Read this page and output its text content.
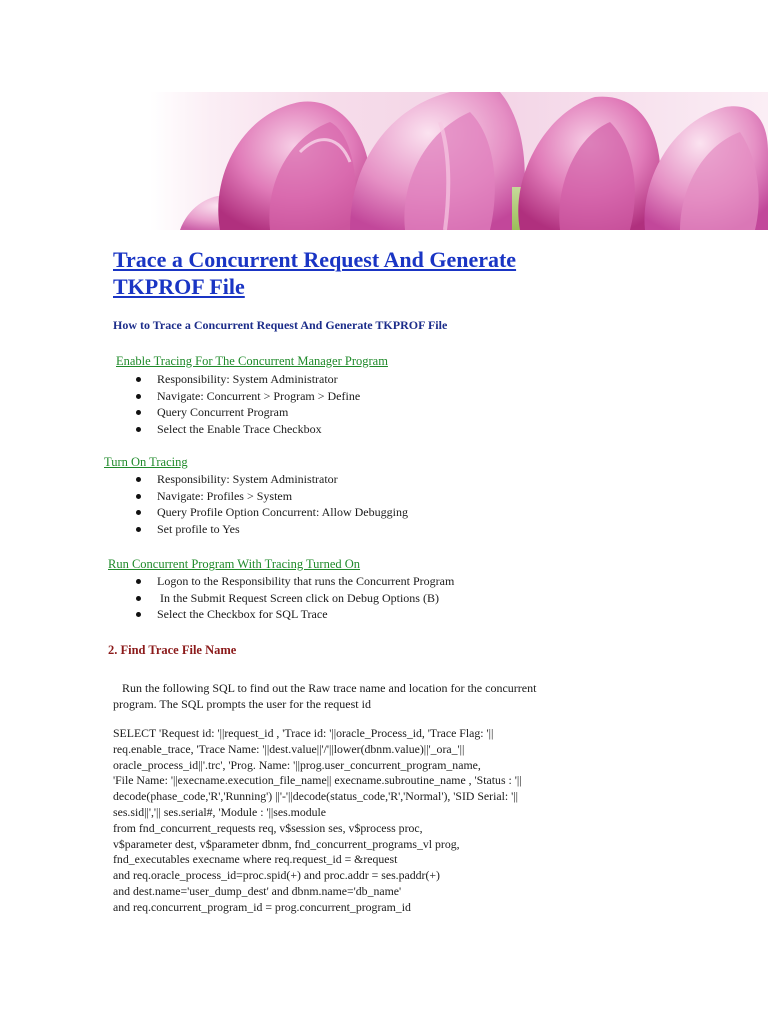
Trace a Concurrent Request And Generate
TKPROF File

How to Trace a Concurrent Request And Generate TKPROF File

Enable Tracing For The Concurrent Manager Program

Responsibility: System Administrator
Navigate: Concurrent > Program > Define
Query Concurrent Program
Select the Enable Trace Checkbox

Turn On Tracing

Responsibility: System Administrator
Navigate: Profiles > System
Query Profile Option Concurrent: Allow Debugging
Set profile to Yes

Run Concurrent Program With Tracing Turned On

Logon to the Responsibility that runs the Concurrent Program
In the Submit Request Screen click on Debug Options (B)
Select the Checkbox for SQL Trace

2. Find Trace File Name

Run the following SQL to find out the Raw trace name and location for the concurrent
program. The SQL prompts the user for the request id
SELECT 'Request id: '||request_id , 'Trace id: '||oracle_Process_id, 'Trace Flag: '||
req.enable_trace, 'Trace Name: '||dest.value||'/'||lower(dbnm.value)||'_ora_'||
oracle_process_id||'.trc', 'Prog. Name: '||prog.user_concurrent_program_name,
'File Name: '||execname.execution_file_name|| execname.subroutine_name , 'Status : '||
decode(phase_code,'R','Running') ||'-'||decode(status_code,'R','Normal'), 'SID Serial: '||
ses.sid||','|| ses.serial#, 'Module : '||ses.module
from fnd_concurrent_requests req, v$session ses, v$process proc,
v$parameter dest, v$parameter dbnm, fnd_concurrent_programs_vl prog,
fnd_executables execname where req.request_id = &request
and req.oracle_process_id=proc.spid(+) and proc.addr = ses.paddr(+)
and dest.name='user_dump_dest' and dbnm.name='db_name'
and req.concurrent_program_id = prog.concurrent_program_id
